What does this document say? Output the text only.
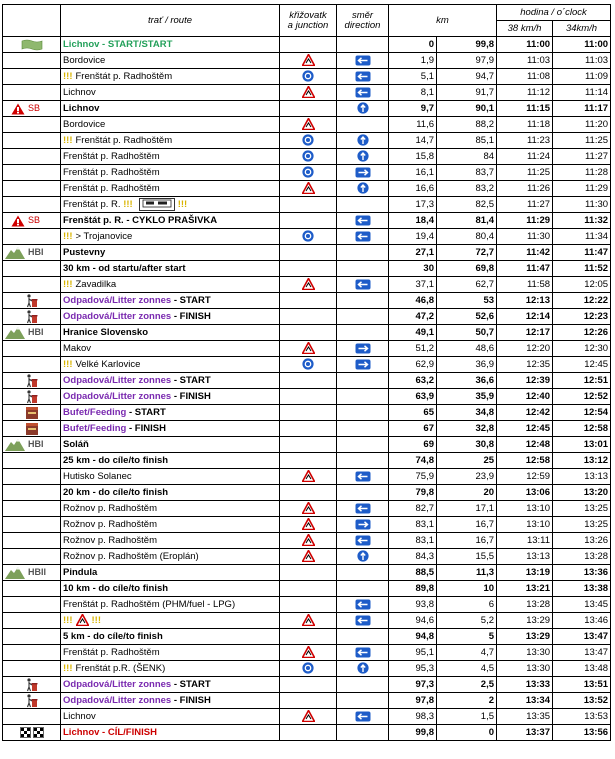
	trať / route	křižovatk
a junction	směr
direction	km		hodina / o´clock	
						38 km/h	34km/h

	Lichnov - START/START			0	99,8	11:00	11:00
	Bordovice			1,9	97,9	11:03	11:03
	!!! Frenštát p. Radhoštěm			5,1	94,7	11:08	11:09
	Lichnov			8,1	91,7	11:12	11:14

SB	Lichnov			9,7	90,1	11:15	11:17
	Bordovice			11,6	88,2	11:18	11:20
	!!! Frenštát p. Radhoštěm			14,7	85,1	11:23	11:25
	Frenštát p. Radhoštěm			15,8	84	11:24	11:27
	Frenštát p. Radhoštěm			16,1	83,7	11:25	11:28
	Frenštát p. Radhoštěm			16,6	83,2	11:26	11:29
	Frenštát p. R. !!! !!!			17,3	82,5	11:27	11:30

SB	Frenštát p. R. - CYKLO PRAŠIVKA			18,4	81,4	11:29	11:32
	!!! > Trojanovice			19,4	80,4	11:30	11:34

HBI	Pustevny			27,1	72,7	11:42	11:47
	30 km - od startu/after start			30	69,8	11:47	11:52
	!!! Zavadilka			37,1	62,7	11:58	12:05

	Odpadová/Litter zonnes - START			46,8	53	12:13	12:22

	Odpadová/Litter zonnes - FINISH			47,2	52,6	12:14	12:23

HBI	Hranice Slovensko			49,1	50,7	12:17	12:26
	Makov			51,2	48,6	12:20	12:30
	!!! Velké Karlovice			62,9	36,9	12:35	12:45

	Odpadová/Litter zonnes - START			63,2	36,6	12:39	12:51

	Odpadová/Litter zonnes - FINISH			63,9	35,9	12:40	12:52

	Bufet/Feeding - START			65	34,8	12:42	12:54

	Bufet/Feeding - FINISH			67	32,8	12:45	12:58

HBI	Soláň			69	30,8	12:48	13:01
	25 km - do cíle/to finish			74,8	25	12:58	13:12
	Hutisko Solanec			75,9	23,9	12:59	13:13
	20 km - do cíle/to finish			79,8	20	13:06	13:20
	Rožnov p. Radhoštěm			82,7	17,1	13:10	13:25
	Rožnov p. Radhoštěm			83,1	16,7	13:10	13:25
	Rožnov p. Radhoštěm			83,1	16,7	13:11	13:26
	Rožnov p. Radhoštěm (Eroplán)			84,3	15,5	13:13	13:28

HBII	Pindula			88,5	11,3	13:19	13:36
	10 km - do cíle/to finish			89,8	10	13:21	13:38
	Frenštát p. Radhoštěm (PHM/fuel - LPG)			93,8	6	13:28	13:45
	!!! !!!			94,6	5,2	13:29	13:46
	5 km - do cíle/to finish			94,8	5	13:29	13:47
	Frenštát p. Radhoštěm			95,1	4,7	13:30	13:47
	!!! Frenštát p.R. (ŠENK)			95,3	4,5	13:30	13:48

	Odpadová/Litter zonnes - START			97,3	2,5	13:33	13:51

	Odpadová/Litter zonnes - FINISH			97,8	2	13:34	13:52
	Lichnov			98,3	1,5	13:35	13:53

	Lichnov - CÍL/FINISH			99,8	0	13:37	13:56
